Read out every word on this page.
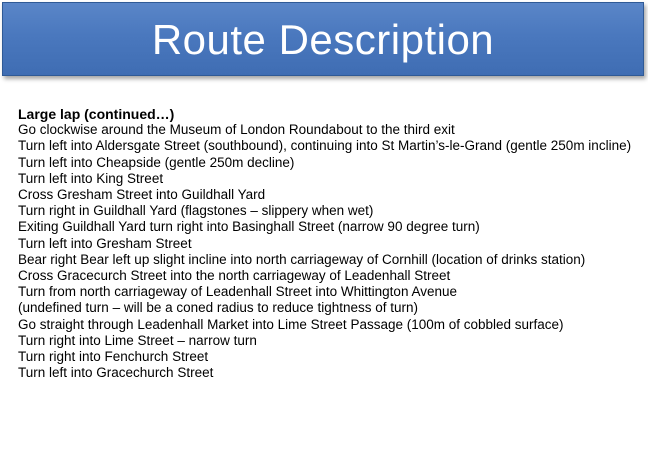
Route Description
Large lap (continued…)
Go clockwise around the Museum of London Roundabout to the third exit
Turn left into Aldersgate Street (southbound), continuing into St Martin’s-le-Grand (gentle 250m incline)
Turn left into Cheapside (gentle 250m decline)
Turn left into King Street
Cross Gresham Street into Guildhall Yard
Turn right in Guildhall Yard (flagstones – slippery when wet)
Exiting Guildhall Yard turn right into Basinghall Street (narrow 90 degree turn)
Turn left into Gresham Street
Bear right Bear left up slight incline into north carriageway of Cornhill (location of drinks station)
Cross Gracecurch Street into the north carriageway of Leadenhall Street
Turn from north carriageway of Leadenhall Street into Whittington Avenue
(undefined turn – will be a coned radius to reduce tightness of turn)
Go straight through Leadenhall Market into Lime Street Passage (100m of cobbled surface)
Turn right into Lime Street – narrow turn
Turn right into Fenchurch Street
Turn left into Gracechurch Street
